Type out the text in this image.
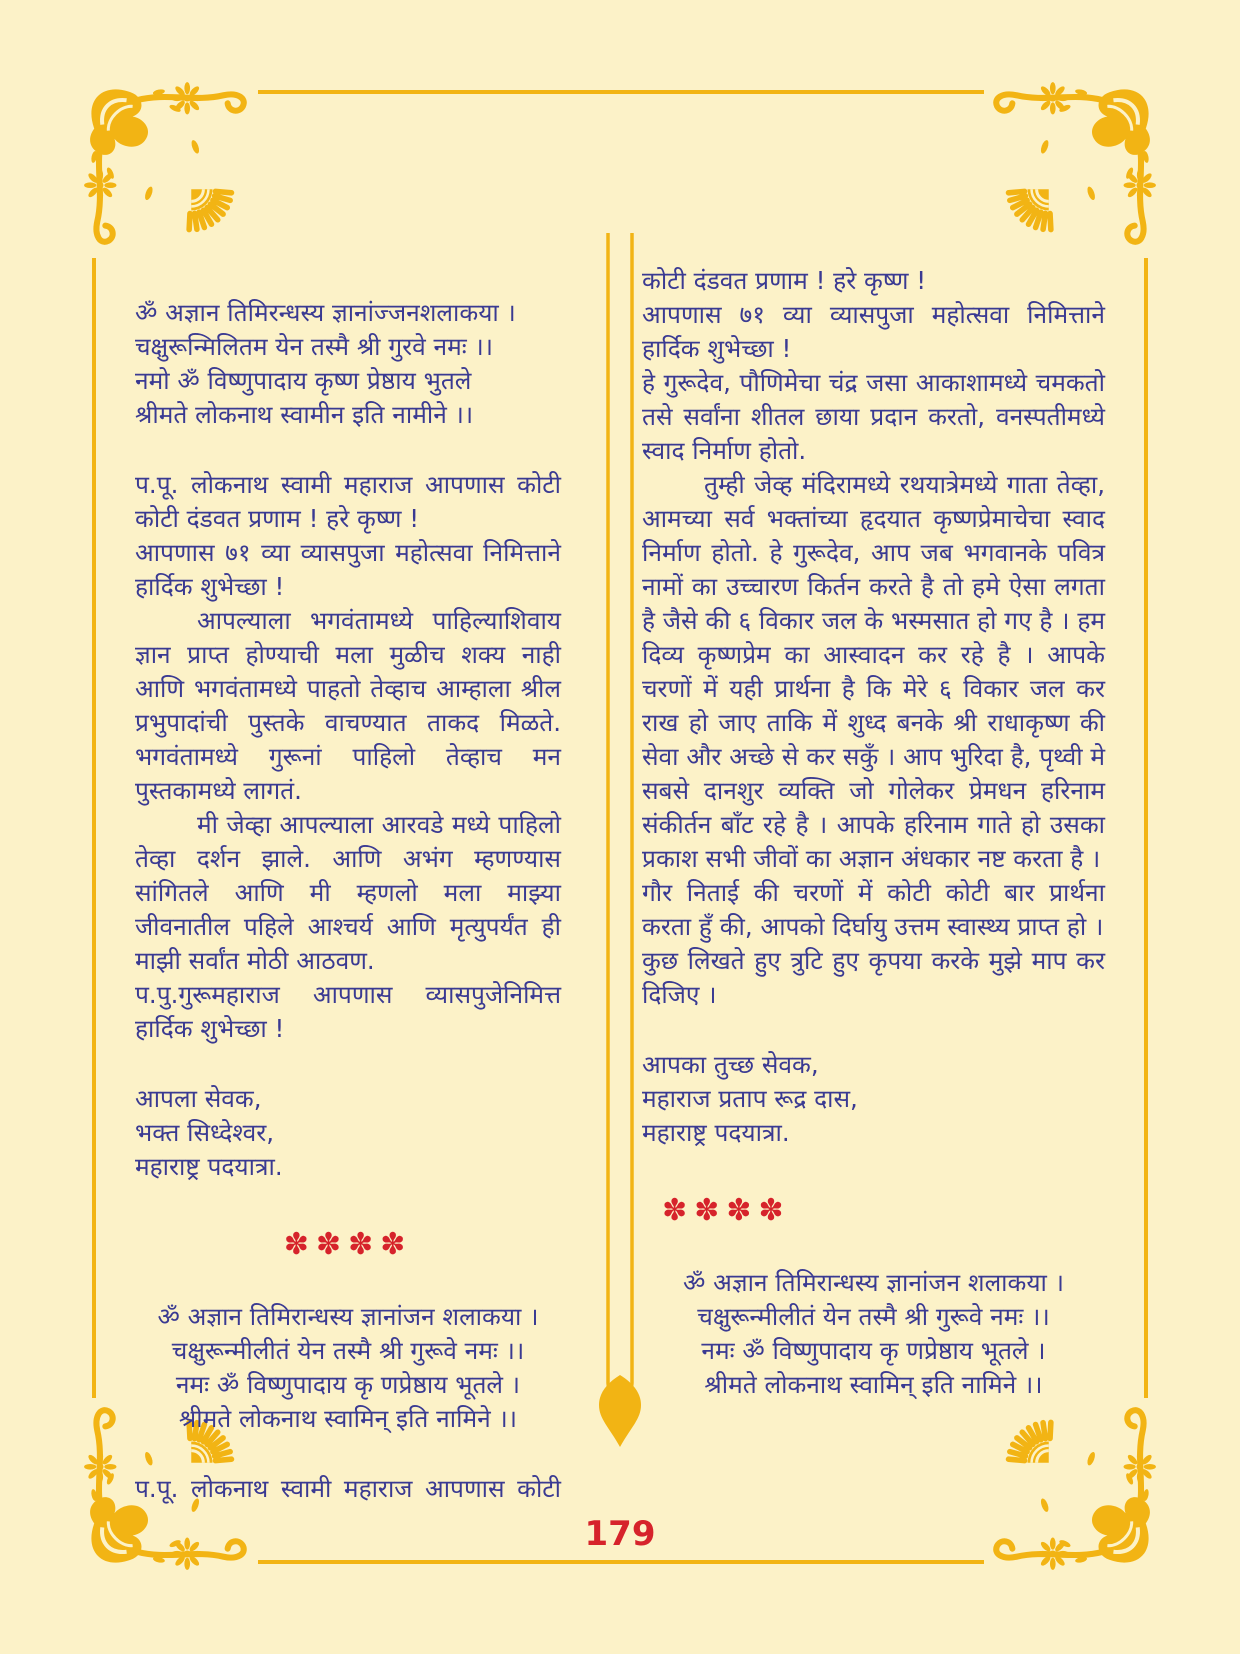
ॐ अज्ञान तिमिरन्धस्य ज्ञानांज्जनशलाकया ।
चक्षुरून्मिलितम येन तस्मै श्री गुरवे नमः ।।
नमो ॐ विष्णुपादाय कृष्ण प्रेष्ठाय भुतले
श्रीमते लोकनाथ स्वामीन इति नामीने ।।
प.पू. लोकनाथ स्वामी महाराज आपणास कोटी कोटी दंडवत प्रणाम ! हरे कृष्ण !
आपणास ७१ व्या व्यासपुजा महोत्सवा निमित्ताने हार्दिक शुभेच्छा !
आपल्याला भगवंतामध्ये पाहिल्याशिवाय ज्ञान प्राप्त होण्याची मला मुळीच शक्य नाही आणि भगवंतामध्ये पाहतो तेव्हाच आम्हाला श्रील प्रभुपादांची पुस्तके वाचण्यात ताकद मिळते. भगवंतामध्ये गुरूनां पाहिलो तेव्हाच मन पुस्तकामध्ये लागतं.
मी जेव्हा आपल्याला आरवडे मध्ये पाहिलो तेव्हा दर्शन झाले. आणि अभंग म्हणण्यास सांगितले आणि मी म्हणलो मला माझ्या जीवनातील पहिले आश्चर्य आणि मृत्युपर्यंत ही माझी सर्वांत मोठी आठवण.
प.पु.गुरूमहाराज आपणास व्यासपुजेनिमित्त हार्दिक शुभेच्छा !
आपला सेवक,
भक्त सिध्देश्वर,
महाराष्ट्र पदयात्रा.
✽✽✽✽
ॐ अज्ञान तिमिरान्धस्य ज्ञानांजन शलाकया ।
चक्षुरून्मीलीतं येन तस्मै श्री गुरूवे नमः ।।
नमः ॐ विष्णुपादाय कृ णप्रेष्ठाय भूतले ।
श्रीमते लोकनाथ स्वामिन् इति नामिने ।।
प.पू. लोकनाथ स्वामी महाराज आपणास कोटी
कोटी दंडवत प्रणाम ! हरे कृष्ण !
आपणास ७१ व्या व्यासपुजा महोत्सवा निमित्ताने हार्दिक शुभेच्छा !
हे गुरूदेव, पौणिमेचा चंद्र जसा आकाशामध्ये चमकतो तसे सर्वांना शीतल छाया प्रदान करतो, वनस्पतीमध्ये स्वाद निर्माण होतो.
तुम्ही जेव्ह मंदिरामध्ये रथयात्रेमध्ये गाता तेव्हा, आमच्या सर्व भक्तांच्या हृदयात कृष्णप्रेमाचेचा स्वाद निर्माण होतो. हे गुरूदेव, आप जब भगवानके पवित्र नामों का उच्चारण किर्तन करते है तो हमे ऐसा लगता है जैसे की ६ विकार जल के भस्मसात हो गए है । हम दिव्य कृष्णप्रेम का आस्वादन कर रहे है । आपके चरणों में यही प्रार्थना है कि मेरे ६ विकार जल कर राख हो जाए ताकि में शुध्द बनके श्री राधाकृष्ण की सेवा और अच्छे से कर सकुँ । आप भुरिदा है, पृथ्वी मे सबसे दानशुर व्यक्ति जो गोलेकर प्रेमधन हरिनाम संकीर्तन बाँट रहे है । आपके हरिनाम गाते हो उसका प्रकाश सभी जीवों का अज्ञान अंधकार नष्ट करता है ।
गौर निताई की चरणों में कोटी कोटी बार प्रार्थना करता हुँ की, आपको दिर्घायु उत्तम स्वास्थ्य प्राप्त हो ।
कुछ लिखते हुए त्रुटि हुए कृपया करके मुझे माप कर दिजिए ।
आपका तुच्छ सेवक,
महाराज प्रताप रूद्र दास,
महाराष्ट्र पदयात्रा.
✽✽✽✽
ॐ अज्ञान तिमिरान्धस्य ज्ञानांजन शलाकया ।
चक्षुरून्मीलीतं येन तस्मै श्री गुरूवे नमः ।।
नमः ॐ विष्णुपादाय कृ णप्रेष्ठाय भूतले ।
श्रीमते लोकनाथ स्वामिन् इति नामिने ।।
179
